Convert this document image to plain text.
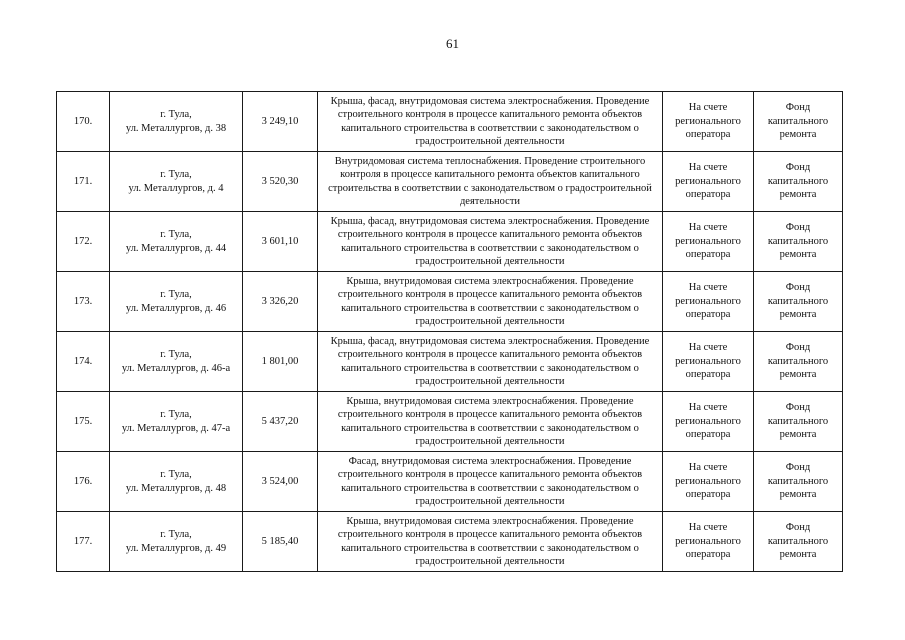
61
170.	г. Тула,
ул. Металлургов, д. 38	3 249,10	Крыша, фасад, внутридомовая система электроснабжения. Проведение строительного контроля в процессе капитального ремонта объектов капитального строительства в соответствии с законодательством о градостроительной деятельности	На счете регионального оператора	Фонд капитального ремонта
171.	г. Тула,
ул. Металлургов, д. 4	3 520,30	Внутридомовая система теплоснабжения. Проведение строительного контроля в процессе капитального ремонта объектов капитального строительства в соответствии с законодательством о градостроительной деятельности	На счете регионального оператора	Фонд капитального ремонта
172.	г. Тула,
ул. Металлургов, д. 44	3 601,10	Крыша, фасад, внутридомовая система электроснабжения. Проведение строительного контроля в процессе капитального ремонта объектов капитального строительства в соответствии с законодательством о градостроительной деятельности	На счете регионального оператора	Фонд капитального ремонта
173.	г. Тула,
ул. Металлургов, д. 46	3 326,20	Крыша, внутридомовая система электроснабжения. Проведение строительного контроля в процессе капитального ремонта объектов капитального строительства в соответствии с законодательством о градостроительной деятельности	На счете регионального оператора	Фонд капитального ремонта
174.	г. Тула,
ул. Металлургов, д. 46-а	1 801,00	Крыша, фасад, внутридомовая система электроснабжения. Проведение строительного контроля в процессе капитального ремонта объектов капитального строительства в соответствии с законодательством о градостроительной деятельности	На счете регионального оператора	Фонд капитального ремонта
175.	г. Тула,
ул. Металлургов, д. 47-а	5 437,20	Крыша, внутридомовая система электроснабжения. Проведение строительного контроля в процессе капитального ремонта объектов капитального строительства в соответствии с законодательством о градостроительной деятельности	На счете регионального оператора	Фонд капитального ремонта
176.	г. Тула,
ул. Металлургов, д. 48	3 524,00	Фасад, внутридомовая система электроснабжения. Проведение строительного контроля в процессе капитального ремонта объектов капитального строительства в соответствии с законодательством о градостроительной деятельности	На счете регионального оператора	Фонд капитального ремонта
177.	г. Тула,
ул. Металлургов, д. 49	5 185,40	Крыша, внутридомовая система электроснабжения. Проведение строительного контроля в процессе капитального ремонта объектов капитального строительства в соответствии с законодательством о градостроительной деятельности	На счете регионального оператора	Фонд капитального ремонта
